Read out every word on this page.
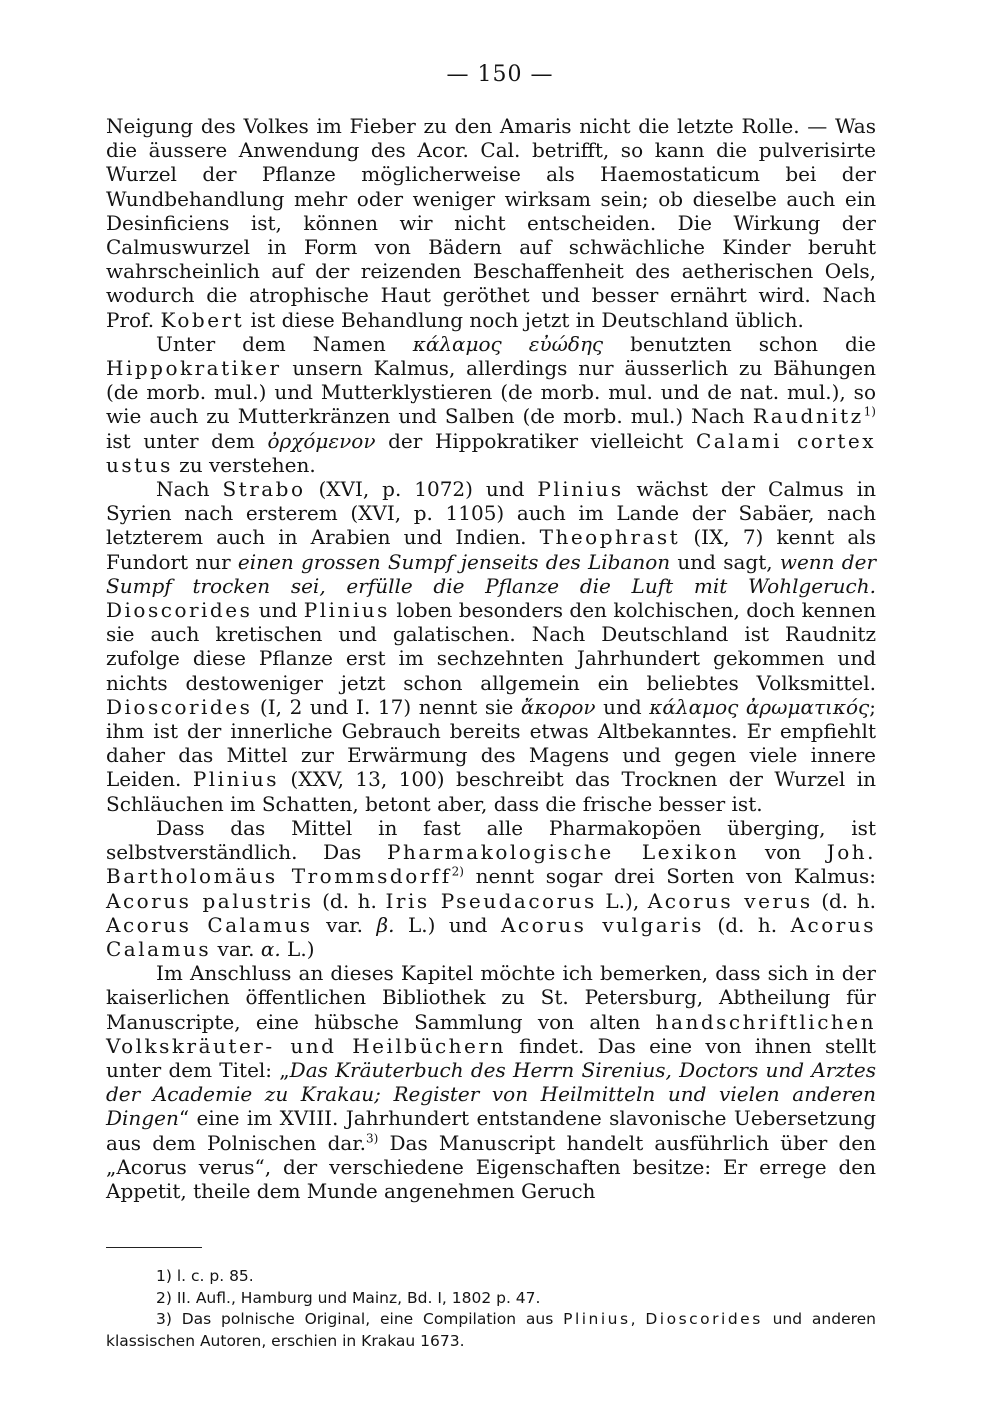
— 150 —

Neigung des Volkes im Fieber zu den Amaris nicht die letzte Rolle. — Was die äussere Anwendung des Acor. Cal. betrifft, so kann die pulverisirte Wurzel der Pflanze möglicherweise als Haemostaticum bei der Wundbehandlung mehr oder weniger wirksam sein; ob dieselbe auch ein Desinficiens ist, können wir nicht entscheiden. Die Wirkung der Calmuswurzel in Form von Bädern auf schwächliche Kinder beruht wahrscheinlich auf der reizenden Beschaffenheit des aetherischen Oels, wodurch die atrophische Haut geröthet und besser ernährt wird. Nach Prof. Kobert ist diese Behandlung noch jetzt in Deutschland üblich.

Unter dem Namen κάλαμος εὐώδης benutzten schon die Hippokratiker unsern Kalmus, allerdings nur äusserlich zu Bähungen (de morb. mul.) und Mutterklystieren (de morb. mul. und de nat. mul.), so wie auch zu Mutterkränzen und Salben (de morb. mul.) Nach Raudnitz$^{1)}$ ist unter dem ὀρχόμενον der Hippokratiker vielleicht Calami cortex ustus zu verstehen.

Nach Strabo (XVI, p. 1072) und Plinius wächst der Calmus in Syrien nach ersterem (XVI, p. 1105) auch im Lande der Sabäer, nach letzterem auch in Arabien und Indien. Theophrast (IX, 7) kennt als Fundort nur einen grossen Sumpf jenseits des Libanon und sagt, wenn der Sumpf trocken sei, erfülle die Pflanze die Luft mit Wohlgeruch. Dioscorides und Plinius loben besonders den kolchischen, doch kennen sie auch kretischen und galatischen. Nach Deutschland ist Raudnitz zufolge diese Pflanze erst im sechzehnten Jahrhundert gekommen und nichts destoweniger jetzt schon allgemein ein beliebtes Volksmittel. Dioscorides (I, 2 und I. 17) nennt sie ἄκορον und κάλαμος ἀρωματικός; ihm ist der innerliche Gebrauch bereits etwas Altbekanntes. Er empfiehlt daher das Mittel zur Erwärmung des Magens und gegen viele innere Leiden. Plinius (XXV, 13, 100) beschreibt das Trocknen der Wurzel in Schläuchen im Schatten, betont aber, dass die frische besser ist.

Dass das Mittel in fast alle Pharmakopöen überging, ist selbstverständlich. Das Pharmakologische Lexikon von Joh. Bartholomäus Trommsdorff$^{2)}$ nennt sogar drei Sorten von Kalmus: Acorus palustris (d. h. Iris Pseudacorus L.), Acorus verus (d. h. Acorus Calamus var. β. L.) und Acorus vulgaris (d. h. Acorus Calamus var. α. L.)

Im Anschluss an dieses Kapitel möchte ich bemerken, dass sich in der kaiserlichen öffentlichen Bibliothek zu St. Petersburg, Abtheilung für Manuscripte, eine hübsche Sammlung von alten handschriftlichen Volkskräuter- und Heilbüchern findet. Das eine von ihnen stellt unter dem Titel: „Das Kräuterbuch des Herrn Sirenius, Doctors und Arztes der Academie zu Krakau; Register von Heilmitteln und vielen anderen Dingen“ eine im XVIII. Jahrhundert entstandene slavonische Uebersetzung aus dem Polnischen dar.$^{3)}$ Das Manuscript handelt ausführlich über den „Acorus verus“, der verschiedene Eigenschaften besitze: Er errege den Appetit, theile dem Munde angenehmen Geruch

1) l. c. p. 85.

2) II. Aufl., Hamburg und Mainz, Bd. I, 1802 p. 47.

3) Das polnische Original, eine Compilation aus Plinius, Dioscorides und anderen klassischen Autoren, erschien in Krakau 1673.
